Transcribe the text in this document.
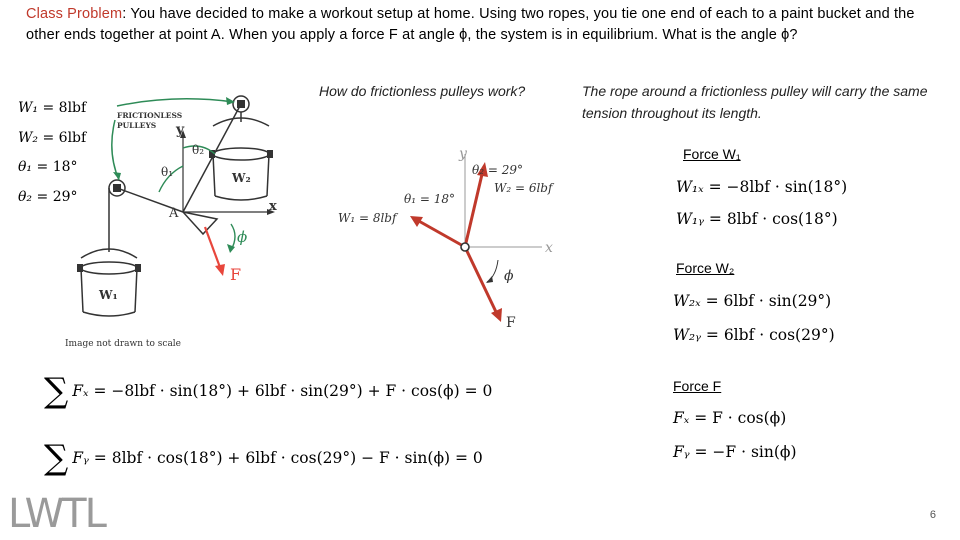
Class Problem: You have decided to make a workout setup at home. Using two ropes, you tie one end of each to a paint bucket and the other ends together at point A. When you apply a force F at angle ϕ, the system is in equilibrium. What is the angle ϕ?
How do frictionless pulleys work?	The rope around a frictionless pulley will carry the same tension throughout its length.
W₁ = 8lbf
W₂ = 6lbf
θ₁ = 18°
θ₂ = 29°
FRICTIONLESS
PULLEYS y
x
θ₂
θ₁
A
ϕ
F
W₂
W₁
Image not drawn to scale
y
x
θ₂ = 29°
W₂ = 6lbf
θ₁ = 18°
W₁ = 8lbf
ϕ
F
Force W₁
W₁ₓ = −8lbf · sin(18°)
W₁ᵧ = 8lbf · cos(18°)
Force W₂
W₂ₓ = 6lbf · sin(29°)
W₂ᵧ = 6lbf · cos(29°)
Force F
Fₓ = F · cos(ϕ)
Fᵧ = −F · sin(ϕ)
∑ Fₓ = −8lbf · sin(18°) + 6lbf · sin(29°) + F · cos(ϕ) = 0
∑ Fᵧ = 8lbf · cos(18°) + 6lbf · cos(29°) − F · sin(ϕ) = 0
LWTL	6
